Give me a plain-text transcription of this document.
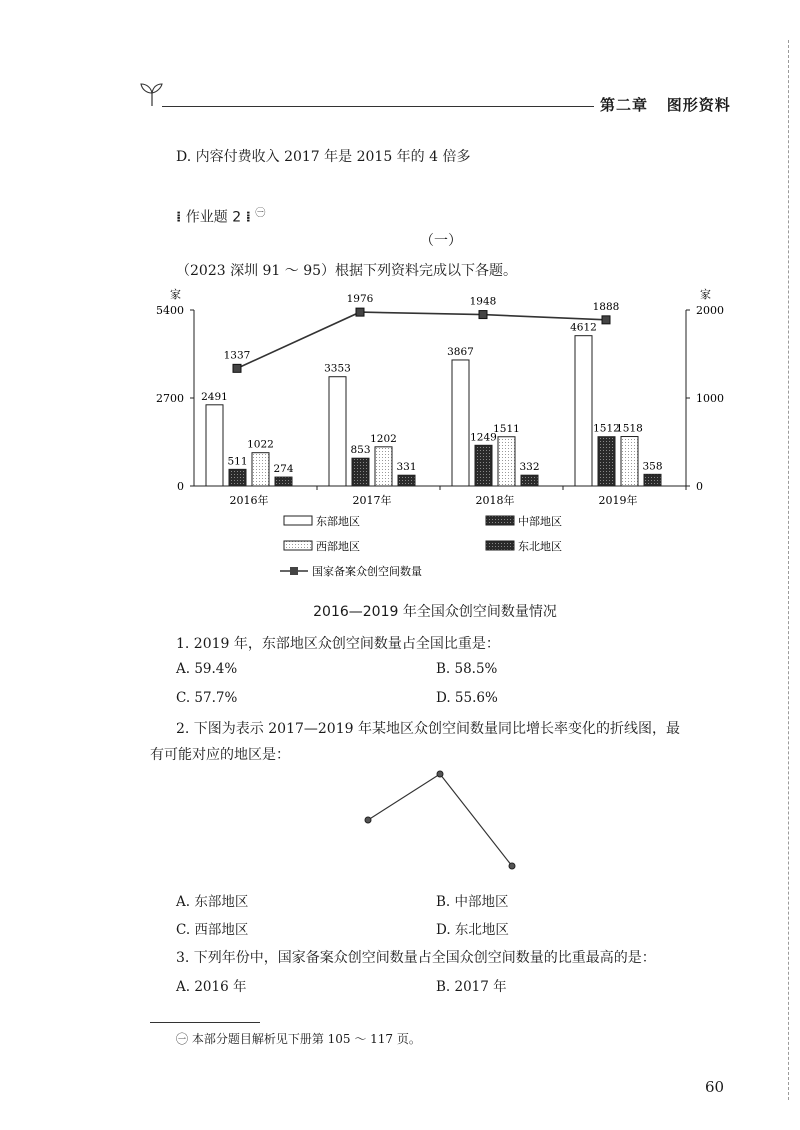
第二章 图形资料
D. 内容付费收入 2017 年是 2015 年的 4 倍多
⁞ 作业题 2 ⁞ $^㊀$
（一）
（2023 深圳 91 ～ 95）根据下列资料完成以下各题。
0
2700
5400
家
0
1000
2000
家
2016年	2017年	2018年	2019年
2491
511
1022
274
3353
853
1202
331
3867
1249
1511
332
4612
1512
1518
358
1337
1976	1948	1888
东部地区	中部地区
西部地区	东北地区
国家备案众创空间数量
2016—2019 年全国众创空间数量情况
1. 2019 年，东部地区众创空间数量占全国比重是：
A. 59.4%	B. 58.5%
C. 57.7%	D. 55.6%
2. 下图为表示 2017—2019 年某地区众创空间数量同比增长率变化的折线图，最
有可能对应的地区是：
A. 东部地区	B. 中部地区
C. 西部地区	D. 东北地区
3. 下列年份中，国家备案众创空间数量占全国众创空间数量的比重最高的是：
A. 2016 年	B. 2017 年
㊀ 本部分题目解析见下册第 105 ～ 117 页。
60
